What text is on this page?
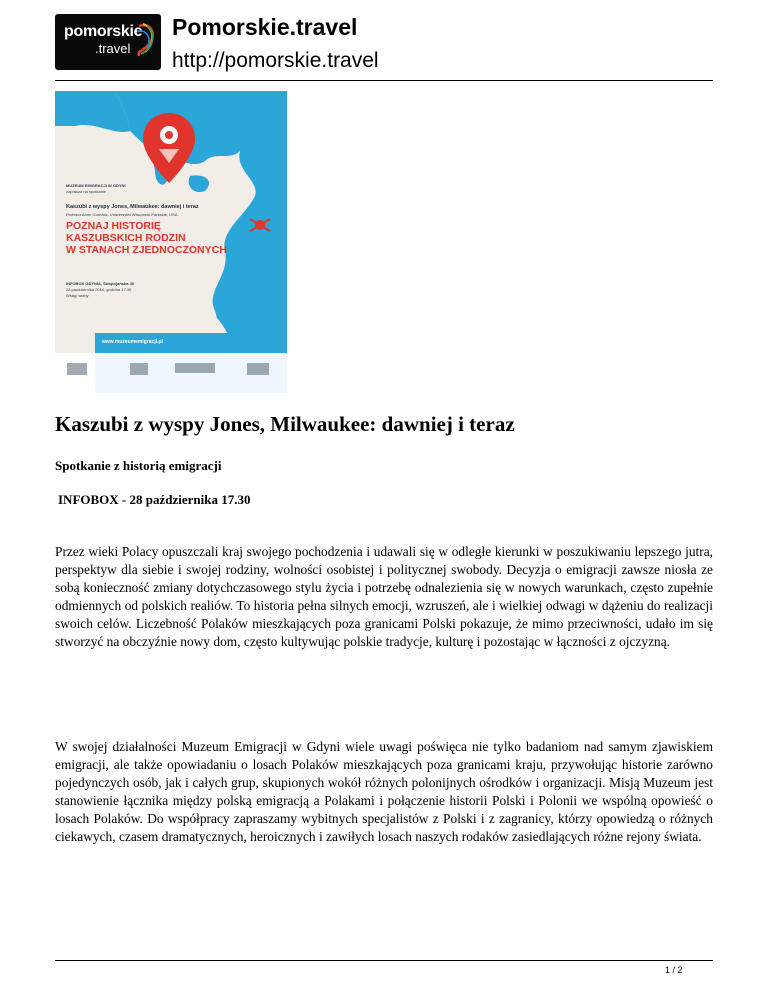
pomorskie
.travel
Pomorskie.travel
http://pomorskie.travel
MUZEUM EMIGRACJI W GDYNI
zaprasza na spotkanie
Kaszubi z wyspy Jones, Milwaukee: dawniej i teraz
Profesor Anne Gurnack, Uniwersytet Wisconsin-Parkside, USA
POZNAJ HISTORIĘ
KASZUBSKICH RODZIN
W STANACH ZJEDNOCZONYCH
INFOBOX GDYNIA, Świętojańska 30
28 października 2014, godzina 17:30
Wstęp wolny
www.muzeumemigracji.pl
Kaszubi z wyspy Jones, Milwaukee: dawniej i teraz

Spotkanie z historią emigracji

INFOBOX - 28 października 17.30

Przez wieki Polacy opuszczali kraj swojego pochodzenia i udawali się w odległe kierunki w poszukiwaniu lepszego jutra, perspektyw dla siebie i swojej rodziny, wolności osobistej i politycznej swobody. Decyzja o emigracji zawsze niosła ze sobą konieczność zmiany dotychczasowego stylu życia i potrzebę odnalezienia się w nowych warunkach, często zupełnie odmiennych od polskich realiów. To historia pełna silnych emocji, wzruszeń, ale i wielkiej odwagi w dążeniu do realizacji swoich celów. Liczebność Polaków mieszkających poza granicami Polski pokazuje, że mimo przeciwności, udało im się stworzyć na obczyźnie nowy dom, często kultywując polskie tradycje, kulturę i pozostając w łączności z ojczyzną.

W swojej działalności Muzeum Emigracji w Gdyni wiele uwagi poświęca nie tylko badaniom nad samym zjawiskiem emigracji, ale także opowiadaniu o losach Polaków mieszkających poza granicami kraju, przywołując historie zarówno pojedynczych osób, jak i całych grup, skupionych wokół różnych polonijnych ośrodków i organizacji. Misją Muzeum jest stanowienie łącznika między polską emigracją a Polakami i połączenie historii Polski i Polonii we wspólną opowieść o losach Polaków. Do współpracy zapraszamy wybitnych specjalistów z Polski i z zagranicy, którzy opowiedzą o różnych ciekawych, czasem dramatycznych, heroicznych i zawiłych losach naszych rodaków zasiedlających różne rejony świata.

1 / 2
